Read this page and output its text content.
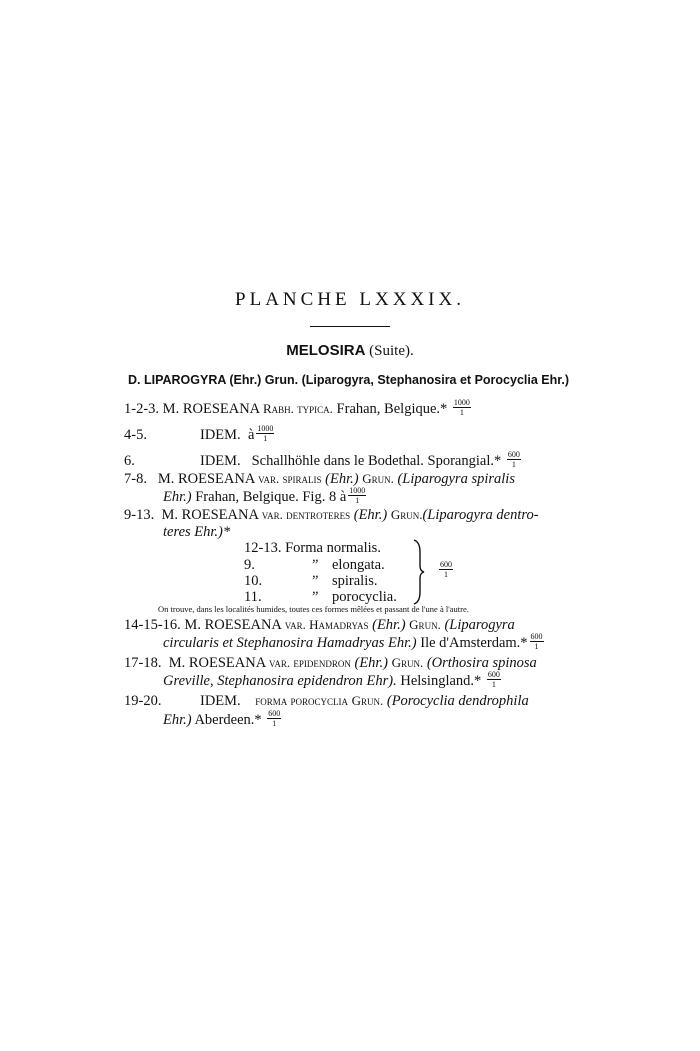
PLANCHE LXXXIX.
MELOSIRA (Suite).
D. LIPAROGYRA (Ehr.) Grun. (Liparogyra, Stephanosira et Porocyclia Ehr.)
1-2-3. M. ROESEANA Rabh. typica. Frahan, Belgique.* $\frac{1000}{1}$
4-5.	IDEM. à $\frac{1000}{1}$
6.	IDEM. Schallhöhle dans le Bodethal. Sporangial.* $\frac{600}{1}$
7-8. M. ROESEANA var. spiralis (Ehr.) Grun. (Liparogyra spiralis
Ehr.) Frahan, Belgique. Fig. 8 à $\frac{1000}{1}$
9-13. M. ROESEANA var. dentroteres (Ehr.) Grun.(Liparogyra dentro-
teres Ehr.)*
12-13. Forma normalis.
9.	” elongata.
10.	” spiralis.
11.	” porocyclia.
$\frac{600}{1}$
On trouve, dans les localités humides, toutes ces formes mêlées et passant de l'une à l'autre.
14-15-16. M. ROESEANA var. Hamadryas (Ehr.) Grun. (Liparogyra
circularis et Stephanosira Hamadryas Ehr.) Ile d'Amsterdam.* $\frac{600}{1}$
17-18. M. ROESEANA var. epidendron (Ehr.) Grun. (Orthosira spinosa
Greville, Stephanosira epidendron Ehr). Helsingland.* $\frac{600}{1}$
19-20.	IDEM. forma porocyclia Grun. (Porocyclia dendrophila
Ehr.) Aberdeen.* $\frac{600}{1}$
